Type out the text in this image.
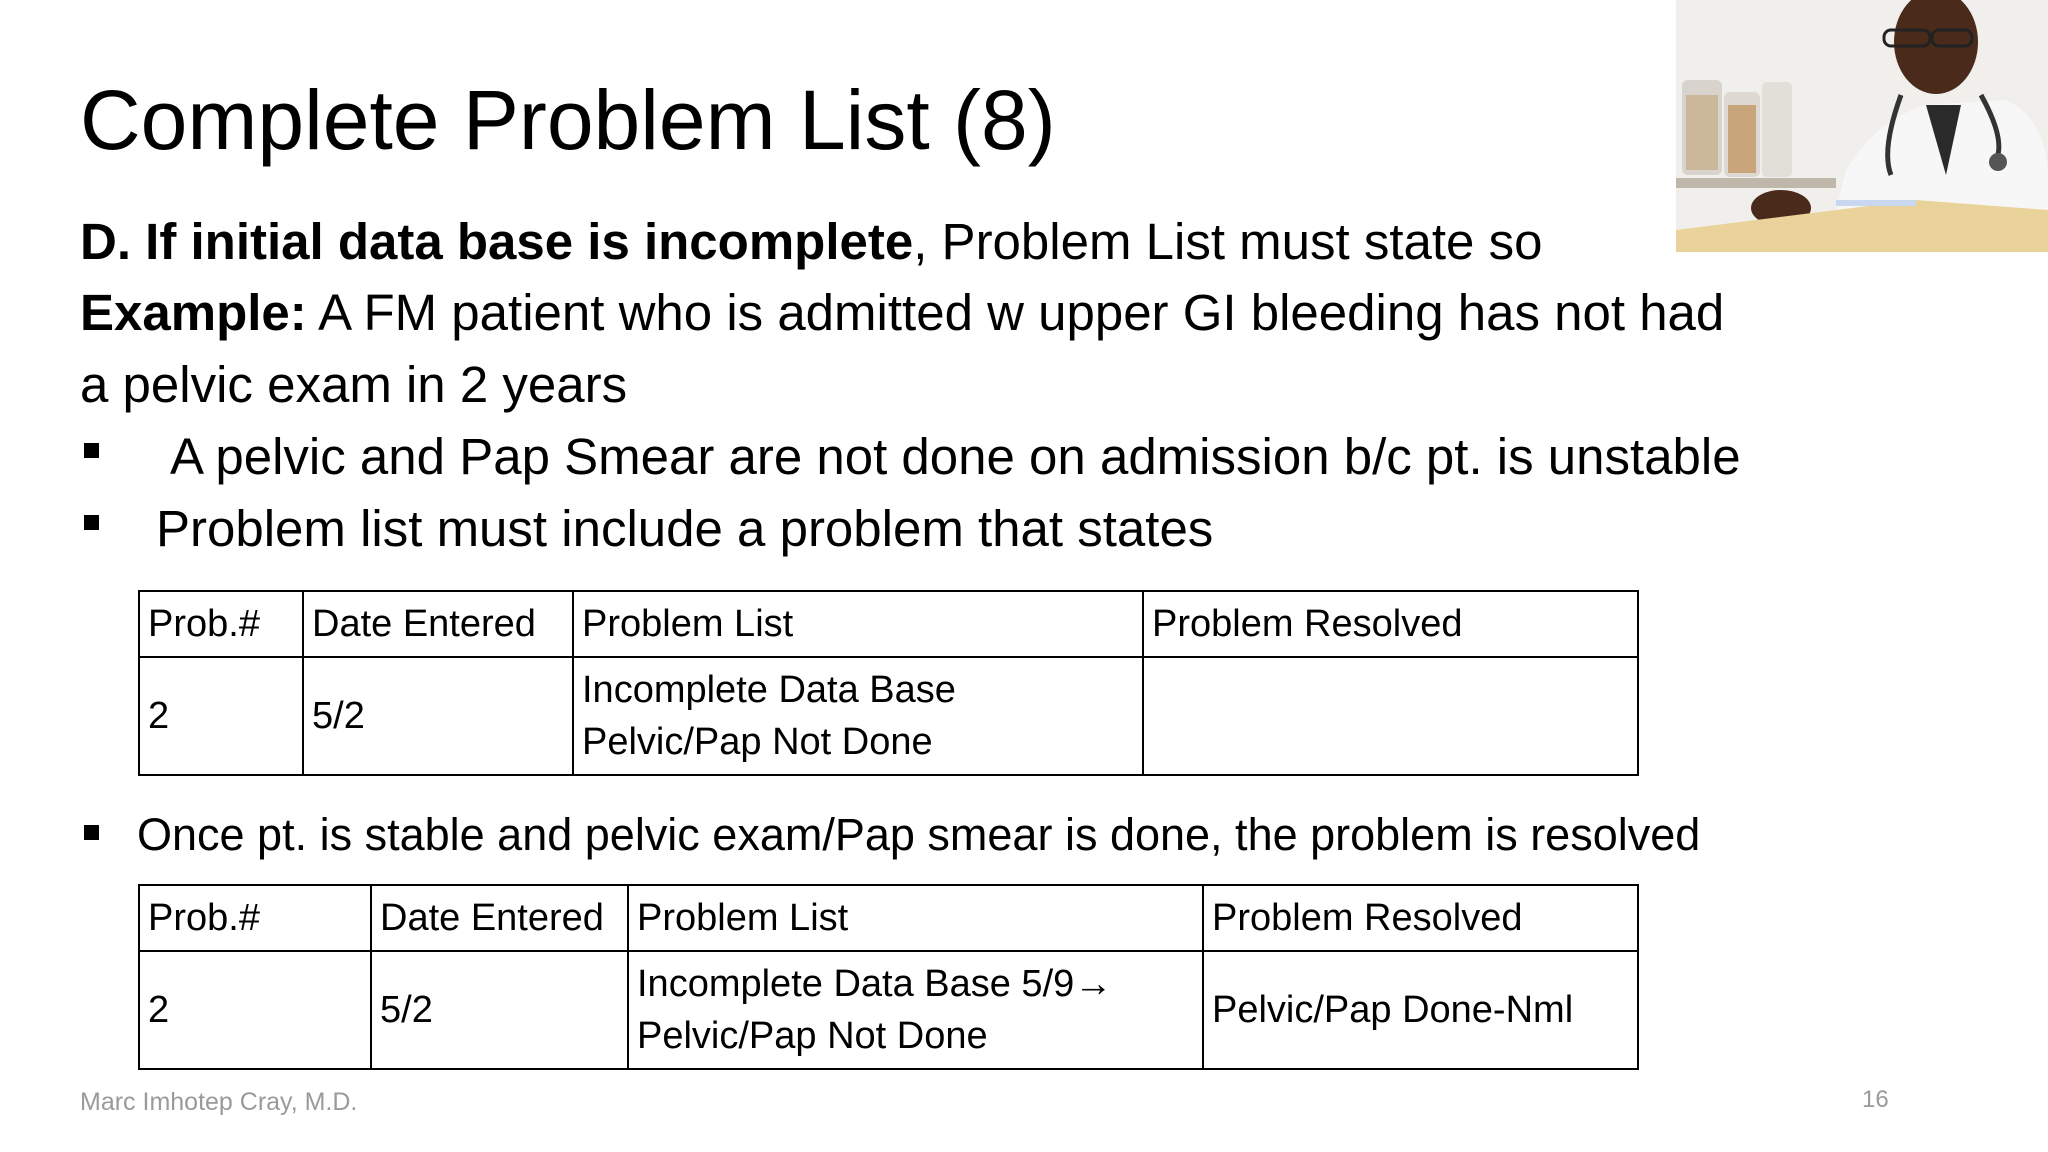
Complete Problem List (8)
D. If initial data base is incomplete, Problem List must state so
Example: A FM patient who is admitted w upper GI bleeding has not had
a pelvic exam in 2 years
A pelvic and Pap Smear are not done on admission b/c pt. is unstable
Problem list must include a problem that states
Prob.#	Date Entered	Problem List	Problem Resolved
2	5/2	Incomplete Data Base
Pelvic/Pap Not Done	

Once pt. is stable and pelvic exam/Pap smear is done, the problem is resolved
Prob.#	Date Entered	Problem List	Problem Resolved
2	5/2	Incomplete Data Base 5/9→
Pelvic/Pap Not Done	Pelvic/Pap Done-Nml
Marc Imhotep Cray, M.D.	16
